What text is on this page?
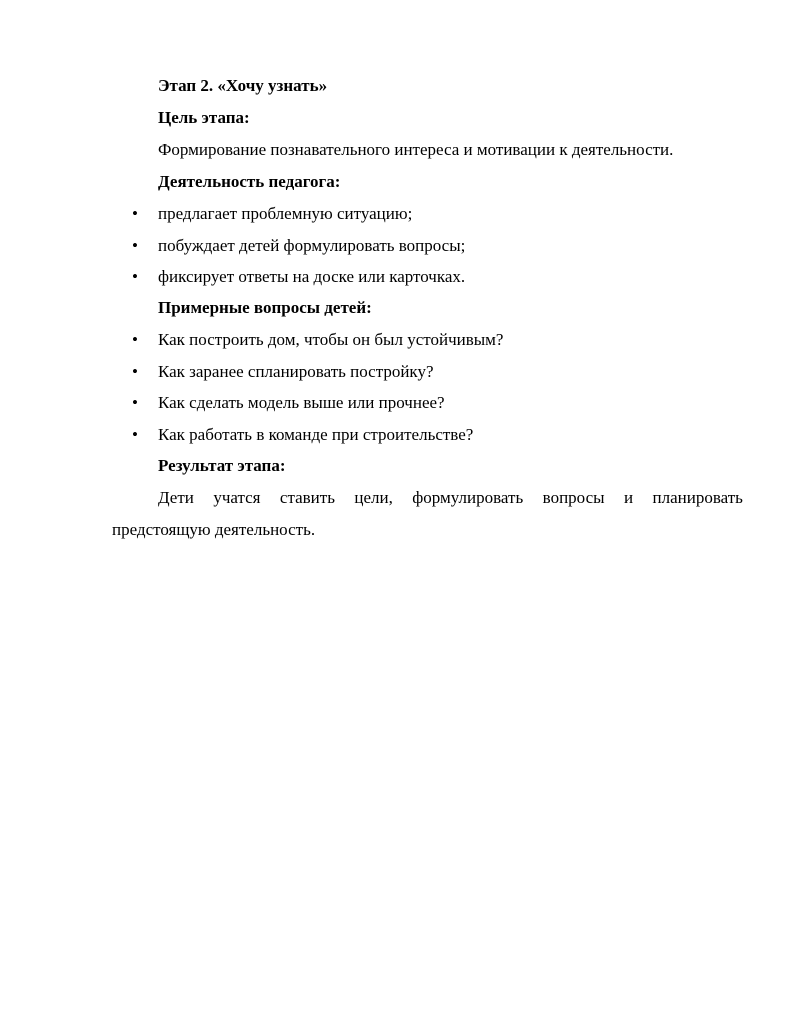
Этап 2. «Хочу узнать»
Цель этапа:
Формирование познавательного интереса и мотивации к деятельности.
Деятельность педагога:
• предлагает проблемную ситуацию;
• побуждает детей формулировать вопросы;
• фиксирует ответы на доске или карточках.
Примерные вопросы детей:
• Как построить дом, чтобы он был устойчивым?
• Как заранее спланировать постройку?
• Как сделать модель выше или прочнее?
• Как работать в команде при строительстве?
Результат этапа:
Дети учатся ставить цели, формулировать вопросы и планировать
предстоящую деятельность.
